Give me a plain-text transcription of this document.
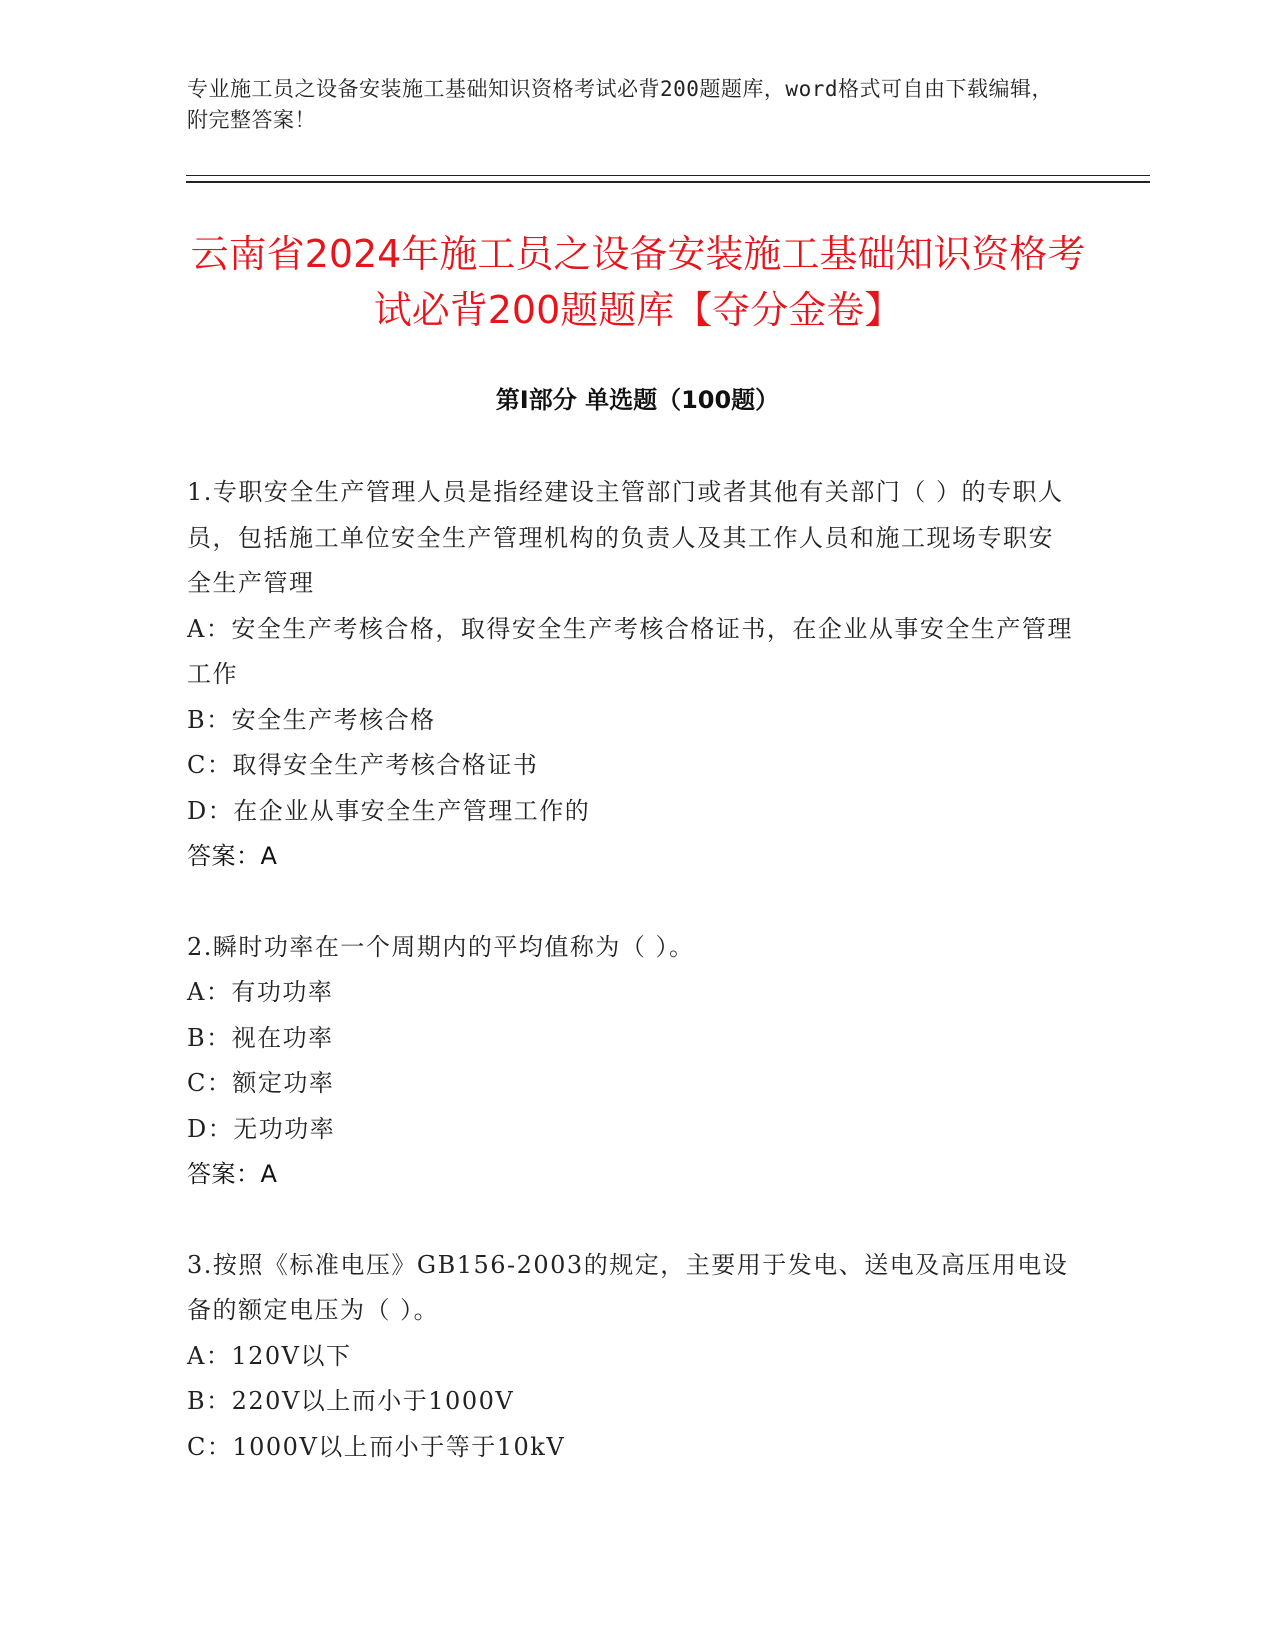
专业施工员之设备安装施工基础知识资格考试必背200题题库，word格式可自由下载编辑，附完整答案！
云南省2024年施工员之设备安装施工基础知识资格考试必背200题题库【夺分金卷】
第Ⅰ部分 单选题（100题）

1.专职安全生产管理人员是指经建设主管部门或者其他有关部门（ ）的专职人员，包括施工单位安全生产管理机构的负责人及其工作人员和施工现场专职安全生产管理

A：安全生产考核合格，取得安全生产考核合格证书，在企业从事安全生产管理工作

B：安全生产考核合格

C：取得安全生产考核合格证书

D：在企业从事安全生产管理工作的

答案：A

2.瞬时功率在一个周期内的平均值称为（ ）。

A：有功功率

B：视在功率

C：额定功率

D：无功功率

答案：A

3.按照《标准电压》GB156-2003的规定，主要用于发电、送电及高压用电设备的额定电压为（ ）。

A：120V以下

B：220V以上而小于1000V

C：1000V以上而小于等于10kV
